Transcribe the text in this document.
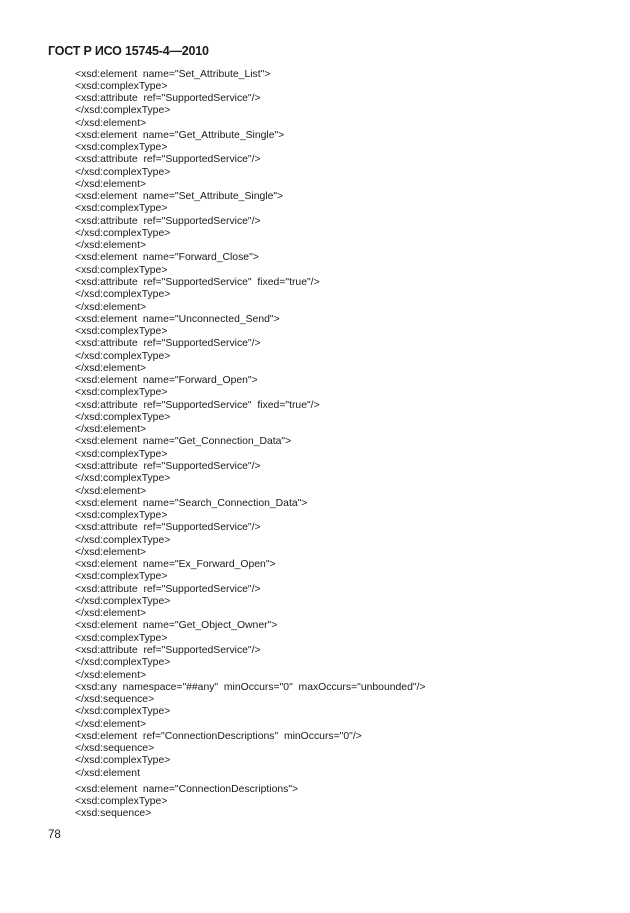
ГОСТ Р ИСО 15745-4—2010
<xsd:element  name="Set_Attribute_List">
<xsd:complexType>
<xsd:attribute  ref="SupportedService"/>
</xsd:complexType>
</xsd:element>
<xsd:element  name="Get_Attribute_Single">
<xsd:complexType>
<xsd:attribute  ref="SupportedService"/>
</xsd:complexType>
</xsd:element>
<xsd:element  name="Set_Attribute_Single">
<xsd:complexType>
<xsd:attribute  ref="SupportedService"/>
</xsd:complexType>
</xsd:element>
<xsd:element  name="Forward_Close">
<xsd:complexType>
<xsd:attribute  ref="SupportedService"  fixed="true"/>
</xsd:complexType>
</xsd:element>
<xsd:element  name="Unconnected_Send">
<xsd:complexType>
<xsd:attribute  ref="SupportedService"/>
</xsd:complexType>
</xsd:element>
<xsd:element  name="Forward_Open">
<xsd:complexType>
<xsd:attribute  ref="SupportedService"  fixed="true"/>
</xsd:complexType>
</xsd:element>
<xsd:element  name="Get_Connection_Data">
<xsd:complexType>
<xsd:attribute  ref="SupportedService"/>
</xsd:complexType>
</xsd:element>
<xsd:element  name="Search_Connection_Data">
<xsd:complexType>
<xsd:attribute  ref="SupportedService"/>
</xsd:complexType>
</xsd:element>
<xsd:element  name="Ex_Forward_Open">
<xsd:complexType>
<xsd:attribute  ref="SupportedService"/>
</xsd:complexType>
</xsd:element>
<xsd:element  name="Get_Object_Owner">
<xsd:complexType>
<xsd:attribute  ref="SupportedService"/>
</xsd:complexType>
</xsd:element>
<xsd:any  namespace="##any"  minOccurs="0"  maxOccurs="unbounded"/>
</xsd:sequence>
</xsd:complexType>
</xsd:element>
<xsd:element  ref="ConnectionDescriptions"  minOccurs="0"/>
</xsd:sequence>
</xsd:complexType>
</xsd:element
<xsd:element  name="ConnectionDescriptions">
<xsd:complexType>
<xsd:sequence>
78
